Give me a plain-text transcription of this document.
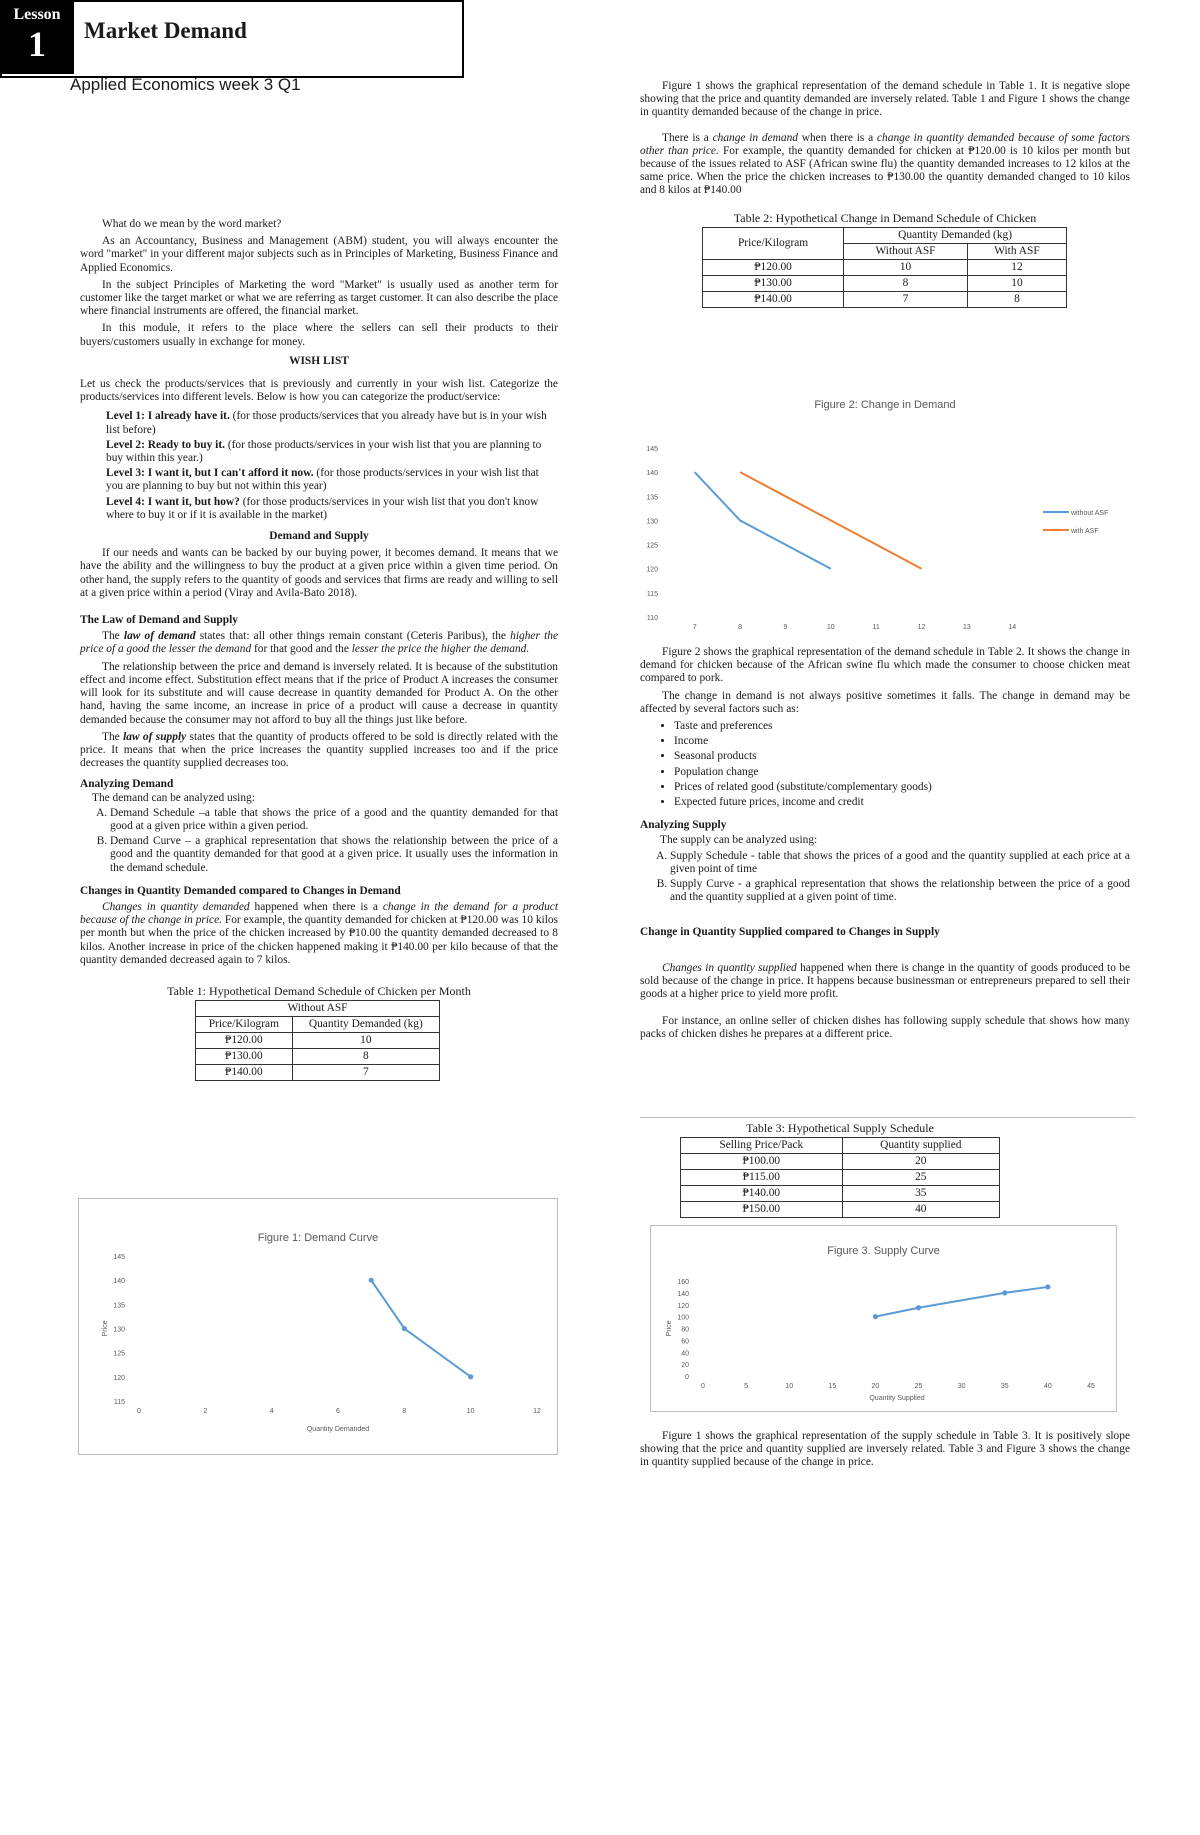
Applied Economics week 3 Q1
Lesson
1	Market Demand

What do we mean by the word market?

As an Accountancy, Business and Management (ABM) student, you will always encounter the word "market" in your different major subjects such as in Principles of Marketing, Business Finance and Applied Economics.

In the subject Principles of Marketing the word "Market" is usually used as another term for customer like the target market or what we are referring as target customer. It can also describe the place where financial instruments are offered, the financial market.

In this module, it refers to the place where the sellers can sell their products to their buyers/customers usually in exchange for money.

WISH LIST

Let us check the products/services that is previously and currently in your wish list. Categorize the products/services into different levels. Below is how you can categorize the product/service:

Level 1: I already have it. (for those products/services that you already have but is in your wish list before)
Level 2: Ready to buy it. (for those products/services in your wish list that you are planning to buy within this year.)
Level 3: I want it, but I can't afford it now. (for those products/services in your wish list that you are planning to buy but not within this year)
Level 4: I want it, but how? (for those products/services in your wish list that you don't know where to buy it or if it is available in the market)
Demand and Supply

If our needs and wants can be backed by our buying power, it becomes demand. It means that we have the ability and the willingness to buy the product at a given price within a given time period. On other hand, the supply refers to the quantity of goods and services that firms are ready and willing to sell at a given price within a period (Viray and Avila-Bato 2018).

The Law of Demand and Supply

The law of demand states that: all other things remain constant (Ceteris Paribus), the higher the price of a good the lesser the demand for that good and the lesser the price the higher the demand.

The relationship between the price and demand is inversely related. It is because of the substitution effect and income effect. Substitution effect means that if the price of Product A increases the consumer will look for its substitute and will cause decrease in quantity demanded for Product A. On the other hand, having the same income, an increase in price of a product will cause a decrease in quantity demanded because the consumer may not afford to buy all the things just like before.

The law of supply states that the quantity of products offered to be sold is directly related with the price. It means that when the price increases the quantity supplied increases too and if the price decreases the quantity supplied decreases too.

Analyzing Demand
The demand can be analyzed using:
A. Demand Schedule –a table that shows the price of a good and the quantity demanded for that good at a given price within a given period.
B. Demand Curve – a graphical representation that shows the relationship between the price of a good and the quantity demanded for that good at a given price. It usually uses the information in the demand schedule.
Changes in Quantity Demanded compared to Changes in Demand

Changes in quantity demanded happened when there is a change in the demand for a product because of the change in price. For example, the quantity demanded for chicken at ₱120.00 was 10 kilos per month but when the price of the chicken increased by ₱10.00 the quantity demanded decreased to 8 kilos. Another increase in price of the chicken happened making it ₱140.00 per kilo because of that the quantity demanded decreased again to 7 kilos.

Table 1: Hypothetical Demand Schedule of Chicken per Month
Without ASF	
Price/Kilogram	Quantity Demanded (kg)
₱120.00	10
₱130.00	8
₱140.00	7
Figure 1: Demand Curve
115
120
125
130
135
140
145
0	2	4	6	8	10	12
Quantity Demanded
Price

Figure 1 shows the graphical representation of the demand schedule in Table 1. It is negative slope showing that the price and quantity demanded are inversely related. Table 1 and Figure 1 shows the change in quantity demanded because of the change in price.

There is a change in demand when there is a change in quantity demanded because of some factors other than price. For example, the quantity demanded for chicken at ₱120.00 is 10 kilos per month but because of the issues related to ASF (African swine flu) the quantity demanded increases to 12 kilos at the same price. When the price the chicken increases to ₱130.00 the quantity demanded changed to 10 kilos and 8 kilos at ₱140.00

Table 2: Hypothetical Change in Demand Schedule of Chicken
Price/Kilogram	Quantity Demanded (kg)	
	Without ASF	With ASF
₱120.00	10	12
₱130.00	8	10
₱140.00	7	8
Figure 2: Change in Demand
110
115
120
125
130
135
140
145
7	8	9	10	11	12	13	14
without ASF
with ASF

Figure 2 shows the graphical representation of the demand schedule in Table 2. It shows the change in demand for chicken because of the African swine flu which made the consumer to choose chicken meat compared to pork.

The change in demand is not always positive sometimes it falls. The change in demand may be affected by several factors such as:

• Taste and preferences
• Income
• Seasonal products
• Population change
• Prices of related good (substitute/complementary goods)
• Expected future prices, income and credit
Analyzing Supply
The supply can be analyzed using:
A. Supply Schedule - table that shows the prices of a good and the quantity supplied at each price at a given point of time
B. Supply Curve - a graphical representation that shows the relationship between the price of a good and the quantity supplied at a given point of time.
Change in Quantity Supplied compared to Changes in Supply

Changes in quantity supplied happened when there is change in the quantity of goods produced to be sold because of the change in price. It happens because businessman or entrepreneurs prepared to sell their goods at a higher price to yield more profit.

For instance, an online seller of chicken dishes has following supply schedule that shows how many packs of chicken dishes he prepares at a different price.

Table 3: Hypothetical Supply Schedule
Selling Price/Pack	Quantity supplied
₱100.00	20
₱115.00	25
₱140.00	35
₱150.00	40
Figure 3. Supply Curve
0
20
40
60
80
100
120
140
160
0	5	10	15	20	25	30	35	40	45
Quantity Supplied
Price

Figure 1 shows the graphical representation of the supply schedule in Table 3. It is positively slope showing that the price and quantity supplied are inversely related. Table 3 and Figure 3 shows the change in quantity supplied because of the change in price.
